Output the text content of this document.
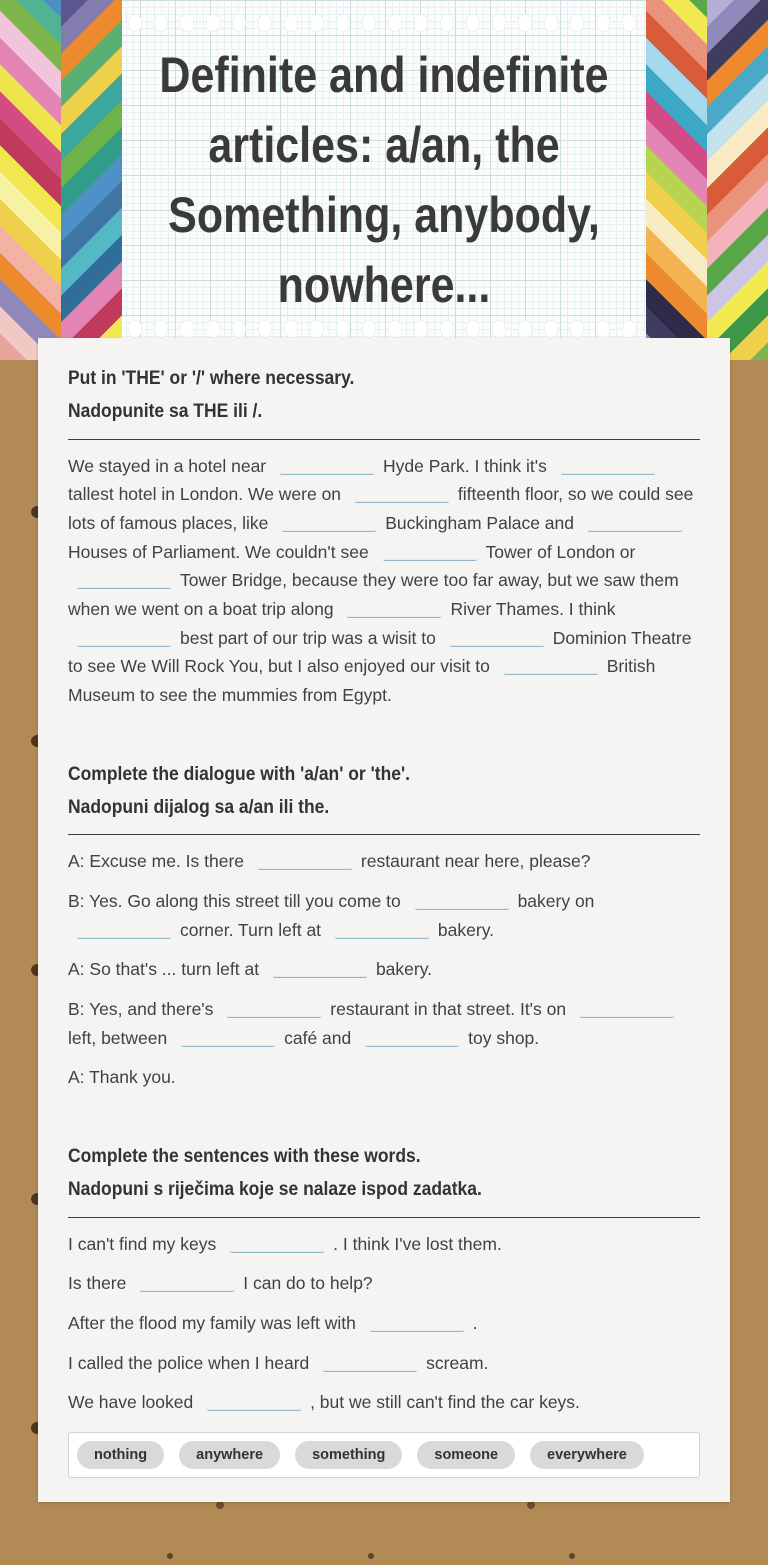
Definite and indefinite
articles: a/an, the
Something, anybody,
nowhere...
Put in 'THE' or '/' where necessary.
Nadopunite sa THE ili /.
We stayed in a hotel near	Hyde Park. I think it's tallest hotel in London. We were on	fifteenth floor, so we could see lots of famous places, like	Buckingham Palace and Houses of Parliament. We couldn't see	Tower of London or Tower Bridge, because they were too far away, but we saw them when we went on a boat trip along	River Thames. I think best part of our trip was a wisit to	Dominion Theatre to see We Will Rock You, but I also enjoyed our visit to	British Museum to see the mummies from Egypt.
Complete the dialogue with 'a/an' or 'the'.
Nadopuni dijalog sa a/an ili the.
A: Excuse me. Is there	restaurant near here, please?
B: Yes. Go along this street till you come to	bakery on corner. Turn left at	bakery.
A: So that's ... turn left at	bakery.
B: Yes, and there's	restaurant in that street. It's on left, between	café and	toy shop.
A: Thank you.
Complete the sentences with these words.
Nadopuni s riječima koje se nalaze ispod zadatka.
I can't find my keys	. I think I've lost them.
Is there	I can do to help?
After the flood my family was left with	.
I called the police when I heard	scream.
We have looked	, but we still can't find the car keys.
nothing	anywhere	something	someone	everywhere
